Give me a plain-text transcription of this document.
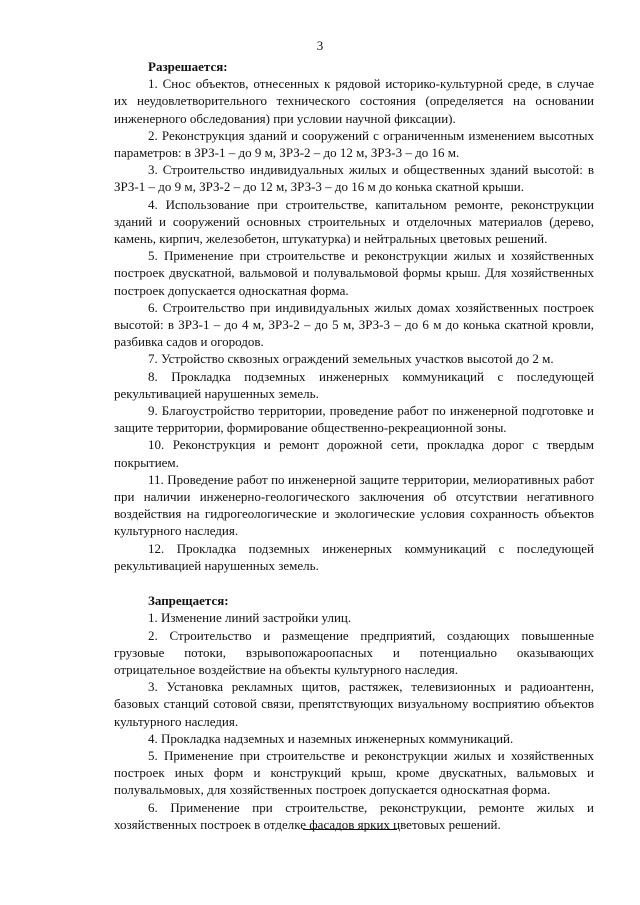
3

Разрешается:

1. Снос объектов, отнесенных к рядовой историко-культурной среде, в случае их неудовлетворительного технического состояния (определяется на основании инженерного обследования) при условии научной фиксации).

2. Реконструкция зданий и сооружений с ограниченным изменением высотных параметров: в ЗРЗ-1 – до 9 м, ЗРЗ-2 – до 12 м, ЗРЗ-3 – до 16 м.

3. Строительство индивидуальных жилых и общественных зданий высотой: в ЗРЗ-1 – до 9 м, ЗРЗ-2 – до 12 м, ЗРЗ-3 – до 16 м до конька скатной крыши.

4. Использование при строительстве, капитальном ремонте, реконструкции зданий и сооружений основных строительных и отделочных материалов (дерево, камень, кирпич, железобетон, штукатурка) и нейтральных цветовых решений.

5. Применение при строительстве и реконструкции жилых и хозяйственных построек двускатной, вальмовой и полувальмовой формы крыш. Для хозяйственных построек допускается односкатная форма.

6. Строительство при индивидуальных жилых домах хозяйственных построек высотой: в ЗРЗ-1 – до 4 м, ЗРЗ-2 – до 5 м, ЗРЗ-3 – до 6 м до конька скатной кровли, разбивка садов и огородов.

7. Устройство сквозных ограждений земельных участков высотой до 2 м.

8. Прокладка подземных инженерных коммуникаций с последующей рекультивацией нарушенных земель.

9. Благоустройство территории, проведение работ по инженерной подготовке и защите территории, формирование общественно-рекреационной зоны.

10. Реконструкция и ремонт дорожной сети, прокладка дорог с твердым покрытием.

11. Проведение работ по инженерной защите территории, мелиоративных работ при наличии инженерно-геологического заключения об отсутствии негативного воздействия на гидрогеологические и экологические условия сохранность объектов культурного наследия.

12. Прокладка подземных инженерных коммуникаций с последующей рекультивацией нарушенных земель.

Запрещается:

1. Изменение линий застройки улиц.

2. Строительство и размещение предприятий, создающих повышенные грузовые потоки, взрывопожароопасных и потенциально оказывающих отрицательное воздействие на объекты культурного наследия.

3. Установка рекламных щитов, растяжек, телевизионных и радиоантенн, базовых станций сотовой связи, препятствующих визуальному восприятию объектов культурного наследия.

4. Прокладка надземных и наземных инженерных коммуникаций.

5. Применение при строительстве и реконструкции жилых и хозяйственных построек иных форм и конструкций крыш, кроме двускатных, вальмовых и полувальмовых, для хозяйственных построек допускается односкатная форма.

6. Применение при строительстве, реконструкции, ремонте жилых и хозяйственных построек в отделке фасадов ярких цветовых решений.
